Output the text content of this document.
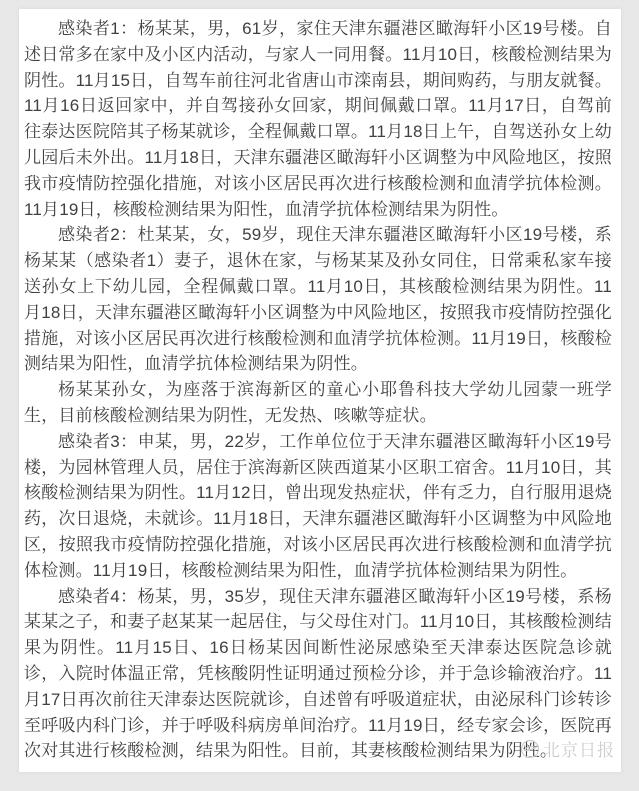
感染者1：杨某某，男，61岁，家住天津东疆港区瞰海轩小区19号楼。自述日常多在家中及小区内活动，与家人一同用餐。11月10日，核酸检测结果为阴性。11月15日，自驾车前往河北省唐山市滦南县，期间购药，与朋友就餐。11月16日返回家中，并自驾接孙女回家，期间佩戴口罩。11月17日，自驾前往泰达医院陪其子杨某就诊，全程佩戴口罩。11月18日上午，自驾送孙女上幼儿园后未外出。11月18日，天津东疆港区瞰海轩小区调整为中风险地区，按照我市疫情防控强化措施，对该小区居民再次进行核酸检测和血清学抗体检测。11月19日，核酸检测结果为阳性，血清学抗体检测结果为阴性。

感染者2：杜某某，女，59岁，现住天津东疆港区瞰海轩小区19号楼，系杨某某（感染者1）妻子，退休在家，与杨某某及孙女同住，日常乘私家车接送孙女上下幼儿园，全程佩戴口罩。11月10日，其核酸检测结果为阴性。11月18日，天津东疆港区瞰海轩小区调整为中风险地区，按照我市疫情防控强化措施，对该小区居民再次进行核酸检测和血清学抗体检测。11月19日，核酸检测结果为阳性，血清学抗体检测结果为阴性。

杨某某孙女，为座落于滨海新区的童心小耶鲁科技大学幼儿园蒙一班学生，目前核酸检测结果为阴性，无发热、咳嗽等症状。

感染者3：申某，男，22岁，工作单位位于天津东疆港区瞰海轩小区19号楼，为园林管理人员，居住于滨海新区陕西道某小区职工宿舍。11月10日，其核酸检测结果为阴性。11月12日，曾出现发热症状，伴有乏力，自行服用退烧药，次日退烧，未就诊。11月18日，天津东疆港区瞰海轩小区调整为中风险地区，按照我市疫情防控强化措施，对该小区居民再次进行核酸检测和血清学抗体检测。11月19日，核酸检测结果为阳性，血清学抗体检测结果为阴性。

感染者4：杨某，男，35岁，现住天津东疆港区瞰海轩小区19号楼，系杨某某之子，和妻子赵某某一起居住，与父母住对门。11月10日，其核酸检测结果为阴性。11月15日、16日杨某因间断性泌尿感染至天津泰达医院急诊就诊，入院时体温正常，凭核酸阴性证明通过预检分诊，并于急诊输液治疗。11月17日再次前往天津泰达医院就诊，自述曾有呼吸道症状，由泌尿科门诊转诊至呼吸内科门诊，并于呼吸科病房单间治疗。11月19日，经专家会诊，医院再次对其进行核酸检测，结果为阳性。目前，其妻核酸检测结果为阴性。

北京日报
